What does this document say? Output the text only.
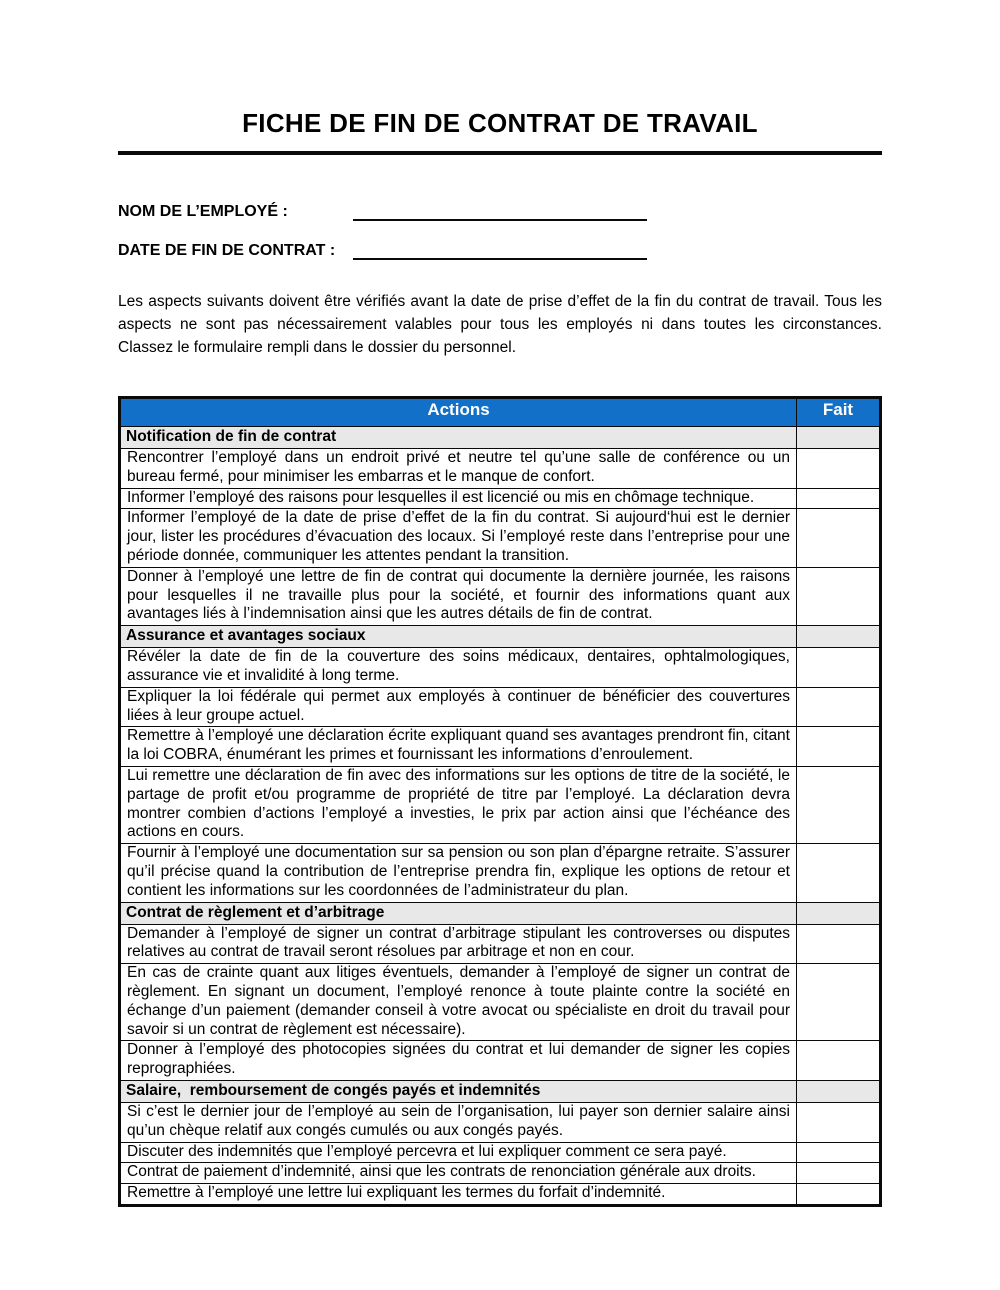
FICHE DE FIN DE CONTRAT DE TRAVAIL
NOM DE L’EMPLOYÉ :
DATE DE FIN DE CONTRAT :

Les aspects suivants doivent être vérifiés avant la date de prise d’effet de la fin du contrat de travail. Tous les aspects ne sont pas nécessairement valables pour tous les employés ni dans toutes les circonstances. Classez le formulaire rempli dans le dossier du personnel.

Actions	Fait
Notification de fin de contrat	
Rencontrer l’employé dans un endroit privé et neutre tel qu’une salle de conférence ou un bureau fermé, pour minimiser les embarras et le manque de confort.	
Informer l’employé des raisons pour lesquelles il est licencié ou mis en chômage technique.	
Informer l’employé de la date de prise d’effet de la fin du contrat. Si aujourd‘hui est le dernier jour, lister les procédures d’évacuation des locaux. Si l’employé reste dans l’entreprise pour une période donnée, communiquer les attentes pendant la transition.	
Donner à l’employé une lettre de fin de contrat qui documente la dernière journée, les raisons pour lesquelles il ne travaille plus pour la société, et fournir des informations quant aux avantages liés à l’indemnisation ainsi que les autres détails de fin de contrat.	
Assurance et avantages sociaux	
Révéler la date de fin de la couverture des soins médicaux, dentaires, ophtalmologiques, assurance vie et invalidité à long terme.	
Expliquer la loi fédérale qui permet aux employés à continuer de bénéficier des couvertures liées à leur groupe actuel.	
Remettre à l’employé une déclaration écrite expliquant quand ses avantages prendront fin, citant la loi COBRA, énumérant les primes et fournissant les informations d’enroulement.	
Lui remettre une déclaration de fin avec des informations sur les options de titre de la société, le partage de profit et/ou programme de propriété de titre par l’employé. La déclaration devra montrer combien d’actions l’employé a investies, le prix par action ainsi que l’échéance des actions en cours.	
Fournir à l’employé une documentation sur sa pension ou son plan d’épargne retraite. S’assurer qu’il précise quand la contribution de l’entreprise prendra fin, explique les options de retour et contient les informations sur les coordonnées de l’administrateur du plan.	
Contrat de règlement et d’arbitrage	
Demander à l’employé de signer un contrat d’arbitrage stipulant les controverses ou disputes relatives au contrat de travail seront résolues par arbitrage et non en cour.	
En cas de crainte quant aux litiges éventuels, demander à l’employé de signer un contrat de règlement. En signant un document, l’employé renonce à toute plainte contre la société en échange d’un paiement (demander conseil à votre avocat ou spécialiste en droit du travail pour savoir si un contrat de règlement est nécessaire).	
Donner à l’employé des photocopies signées du contrat et lui demander de signer les copies reprographiées.	
Salaire,  remboursement de congés payés et indemnités	
Si c’est le dernier jour de l’employé au sein de l’organisation, lui payer son dernier salaire ainsi qu’un chèque relatif aux congés cumulés ou aux congés payés.	
Discuter des indemnités que l’employé percevra et lui expliquer comment ce sera payé.	
Contrat de paiement d’indemnité, ainsi que les contrats de renonciation générale aux droits.	
Remettre à l’employé une lettre lui expliquant les termes du forfait d’indemnité.	
